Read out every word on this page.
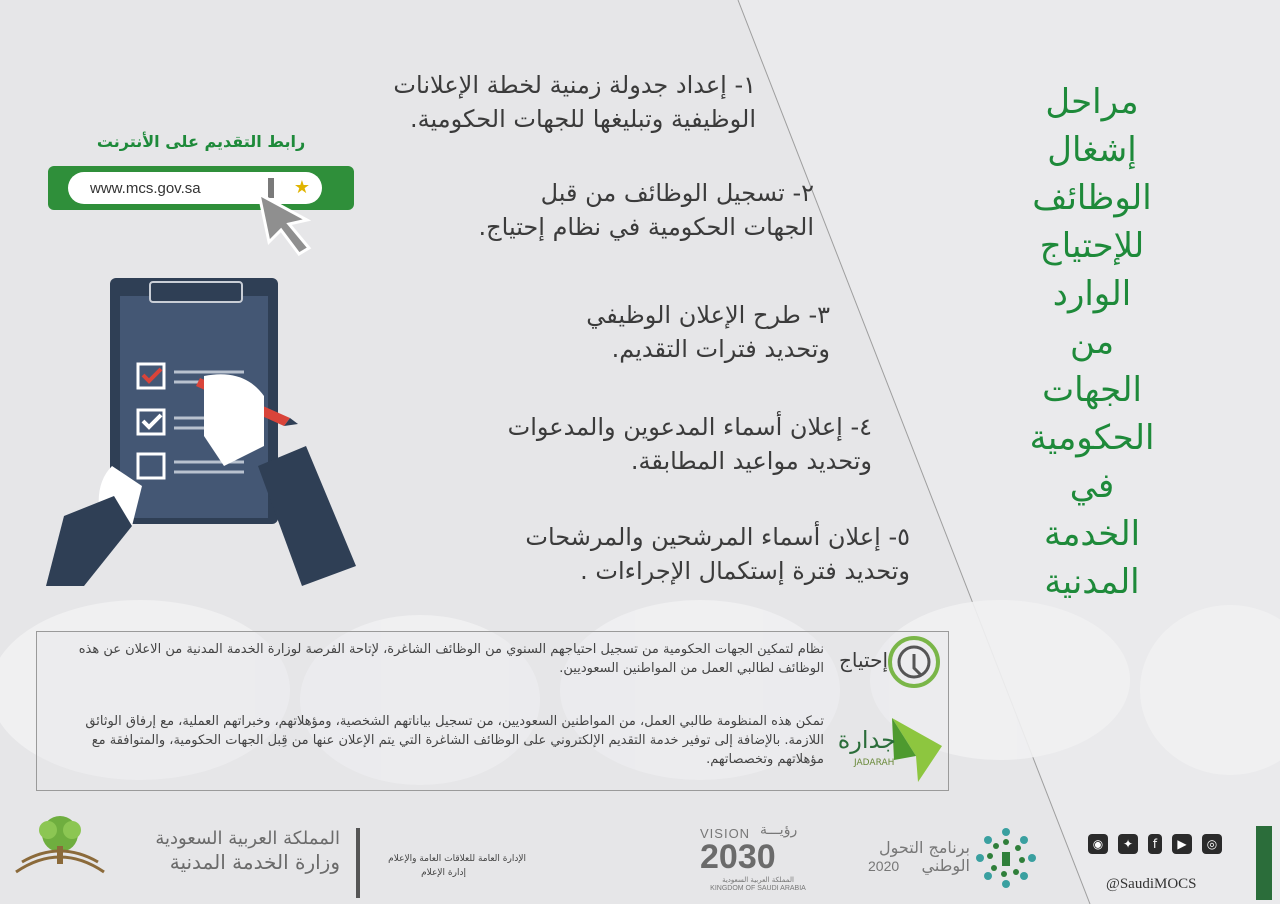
مراحل
إشغال
الوظائف
للإحتياج
الوارد
من
الجهات
الحكومية
في
الخدمة
المدنية
١- إعداد جدولة زمنية لخطة الإعلانات
الوظيفية وتبليغها للجهات الحكومية.
٢- تسجيل الوظائف من قبل
الجهات الحكومية في نظام إحتياج.
٣- طرح الإعلان الوظيفي
وتحديد فترات التقديم.
٤- إعلان أسماء المدعوين والمدعوات
وتحديد مواعيد المطابقة.
٥- إعلان أسماء المرشحين والمرشحات
وتحديد فترة إستكمال الإجراءات .
رابط التقديم على الأنترنت
www.mcs.gov.sa	★
إحتياج
نظام لتمكين الجهات الحكومية من تسجيل احتياجهم السنوي من الوظائف الشاغرة، لإتاحة الفرصة لوزارة الخدمة المدنية من الاعلان عن هذه الوظائف لطالبي العمل من المواطنين السعوديين.
جدارة
JADARAH
تمكن هذه المنظومة طالبي العمل، من المواطنين السعوديين، من تسجيل بياناتهم الشخصية، ومؤهلاتهم، وخبراتهم العملية، مع إرفاق الوثائق اللازمة. بالإضافة إلى توفير خدمة التقديم الإلكتروني على الوظائف الشاغرة التي يتم الإعلان عنها من قِبل الجهات الحكومية، والمتوافقة مع مؤهلاتهم وتخصصاتهم.
المملكة العربية السعودية
وزارة الخدمة المدنية	الإدارة العامة للعلاقات العامة والإعلام
إدارة الإعلام
VISION رؤيـــة
2030
المملكة العربية السعودية
KINGDOM OF SAUDI ARABIA
برنامج التحول
الوطني
2020
◉	✦	f	▶	◎
@SaudiMOCS
